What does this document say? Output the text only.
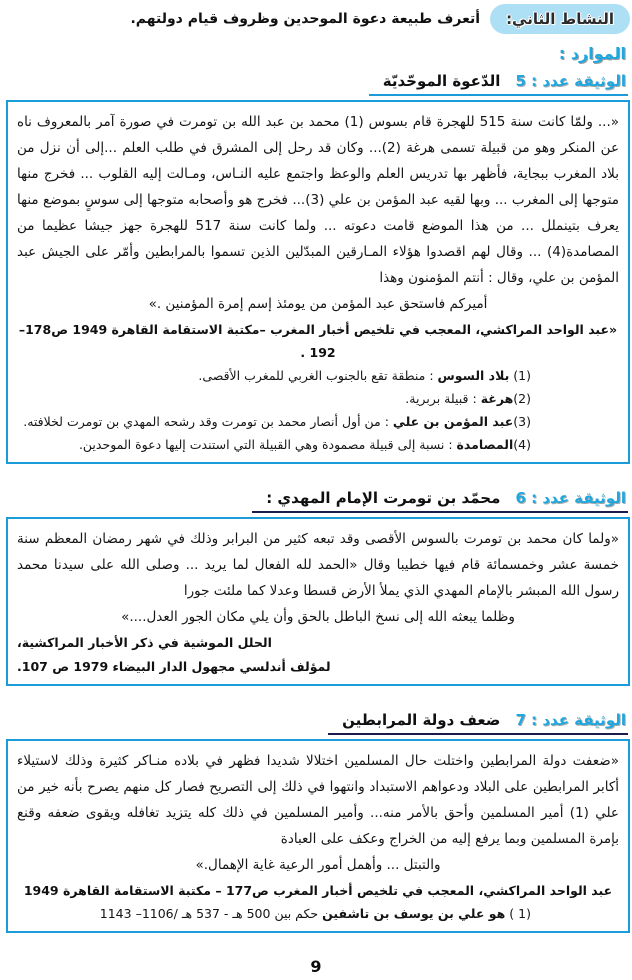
النشاط الثاني:
أتعرف طبيعة دعوة الموحدين وظروف قيام دولتهم.
الموارد :
الوثيقة عدد : 5 الدّعوة الموحّديّة

«... ولمّا كانت سنة 515 للهجرة قام بسوس (1) محمد بن عبد الله بن تومرت في صورة آمر بالمعروف ناه عن المنكر وهو من قبيلة تسمى هرغة (2)... وكان قد رحل إلى المشرق في طلب العلم ...إلى أن نزل من بلاد المغرب ببجاية، فأظهر بها تدريس العلم والوعظ واجتمع عليه النـاس، ومـالت إليه القلوب ... فخرج منها متوجها إلى المغرب ... وبها لقيه عبد المؤمن بن علي (3)... فخرج هو وأصحابه متوجها إلى سوسٍ بموضع منها يعرف بتينملل ... من هذا الموضع قامت دعوته ... ولما كانت سنة 517 للهجرة جهز جيشا عظيما من المصامدة(4) ... وقال لهم اقصدوا هؤلاء المـارقين المبدّلين الذين تسموا بالمرابطين وأمّر على الجيش عبد المؤمن بن علي، وقال : أنتم المؤمنون وهذا

أميركم فاستحق عبد المؤمن من يومئذ إسم إمرة المؤمنين .»

«عبد الواحد المراكشي، المعجب في تلخيص أخبار المغرب –مكتبة الاستقامة القاهرة 1949 ص178– 192 .

(1) بلاد السوس : منطقة تقع بالجنوب الغربي للمغرب الأقصى.
(2)هرغة : قبيلة بربرية.
(3)عبد المؤمن بن علي : من أول أنصار محمد بن تومرت وقد رشحه المهدي بن تومرت لخلافته.
(4)المصامدة : نسبة إلى قبيلة مصمودة وهي القبيلة التي استندت إليها دعوة الموحدين.
الوثيقة عدد : 6 محمّد بن تومرت الإمام المهدي :

«ولما كان محمد بن تومرت بالسوس الأقصى وقد تبعه كثير من البرابر وذلك في شهر رمضان المعظم سنة خمسة عشر وخمسمائة قام فيها خطيبا وقال «الحمد لله الفعال لما يريد ... وصلى الله على سيدنا محمد رسول الله المبشر بالإمام المهدي الذي يملأ الأرض قسطا وعدلا كما ملئت جورا

وظلما يبعثه الله إلى نسخ الباطل بالحق وأن يلي مكان الجور العدل....»

الحلل الموشية في ذكر الأخبار المراكشية،

لمؤلف أندلسي مجهول الدار البيضاء 1979 ص 107.

الوثيقة عدد : 7 ضعف دولة المرابطين

«ضعفت دولة المرابطين واختلت حال المسلمين اختلالا شديدا فظهر في بلاده منـاكر كثيرة وذلك لاستيلاء أكابر المرابطين على البلاد ودعواهم الاستبداد وانتهوا في ذلك إلى التصريح فصار كل منهم يصرح بأنه خير من علي (1) أمير المسلمين وأحق بالأمر منه... وأمير المسلمين في ذلك كله يتزيد تغافله ويقوى ضعفه وقنع بإمرة المسلمين وبما يرفع إليه من الخراج وعكف على العبادة

والتبتل ... وأهمل أمور الرعية غاية الإهمال.»

عبد الواحد المراكشي، المعجب في تلخيص أخبار المغرب ص177 – مكتبة الاستقامة القاهرة 1949

(1 ) هو علي بن يوسف بن تاشفين حكم بين 500 هـ - 537 هـ /1106– 1143
9
